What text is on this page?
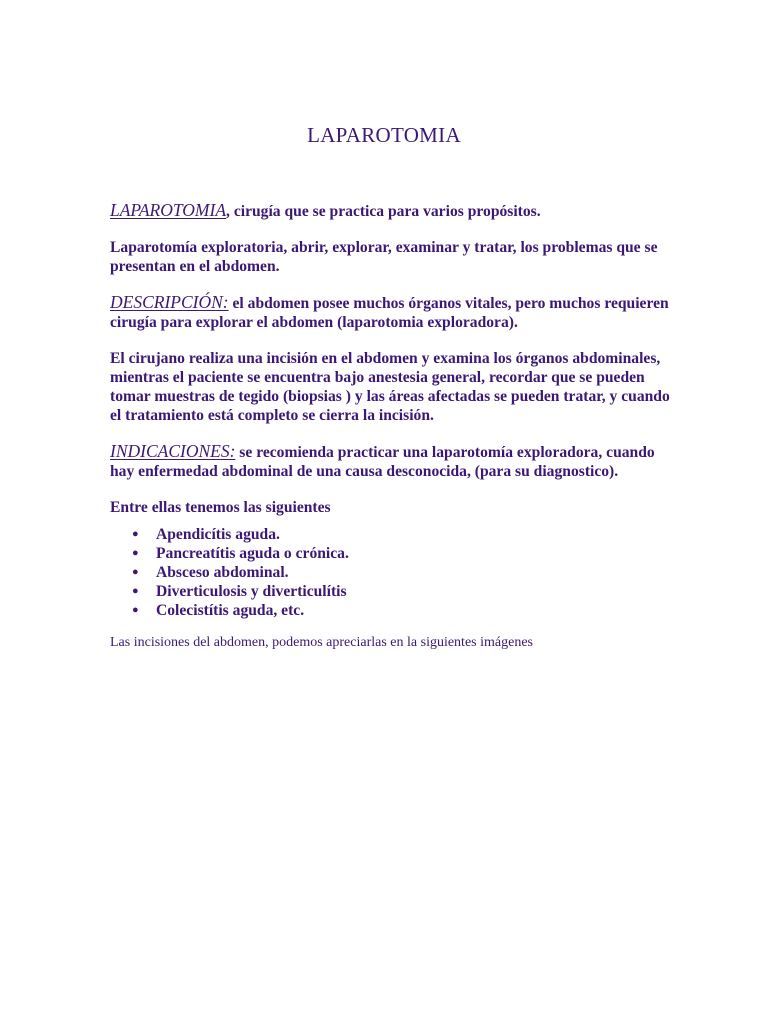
LAPAROTOMIA

LAPAROTOMIA, cirugía que se practica para varios propósitos.

Laparotomía exploratoria, abrir, explorar, examinar y tratar, los problemas que se presentan en el abdomen.

DESCRIPCIÓN: el abdomen posee muchos órganos vitales, pero muchos requieren cirugía para explorar el abdomen (laparotomia exploradora).

El cirujano realiza una incisión en el abdomen y examina los órganos abdominales, mientras el paciente se encuentra bajo anestesia general, recordar que se pueden tomar muestras de tegido (biopsias ) y las áreas afectadas se pueden tratar, y cuando el tratamiento está completo se cierra la incisión.

INDICACIONES: se recomienda practicar una laparotomía exploradora, cuando hay enfermedad abdominal de una causa desconocida, (para su diagnostico).

Entre ellas tenemos las siguientes

● Apendicítis aguda.
● Pancreatítis aguda o crónica.
● Absceso abdominal.
● Diverticulosis y diverticulítis
● Colecistítis aguda, etc.

Las incisiones del abdomen, podemos apreciarlas en la siguientes imágenes
